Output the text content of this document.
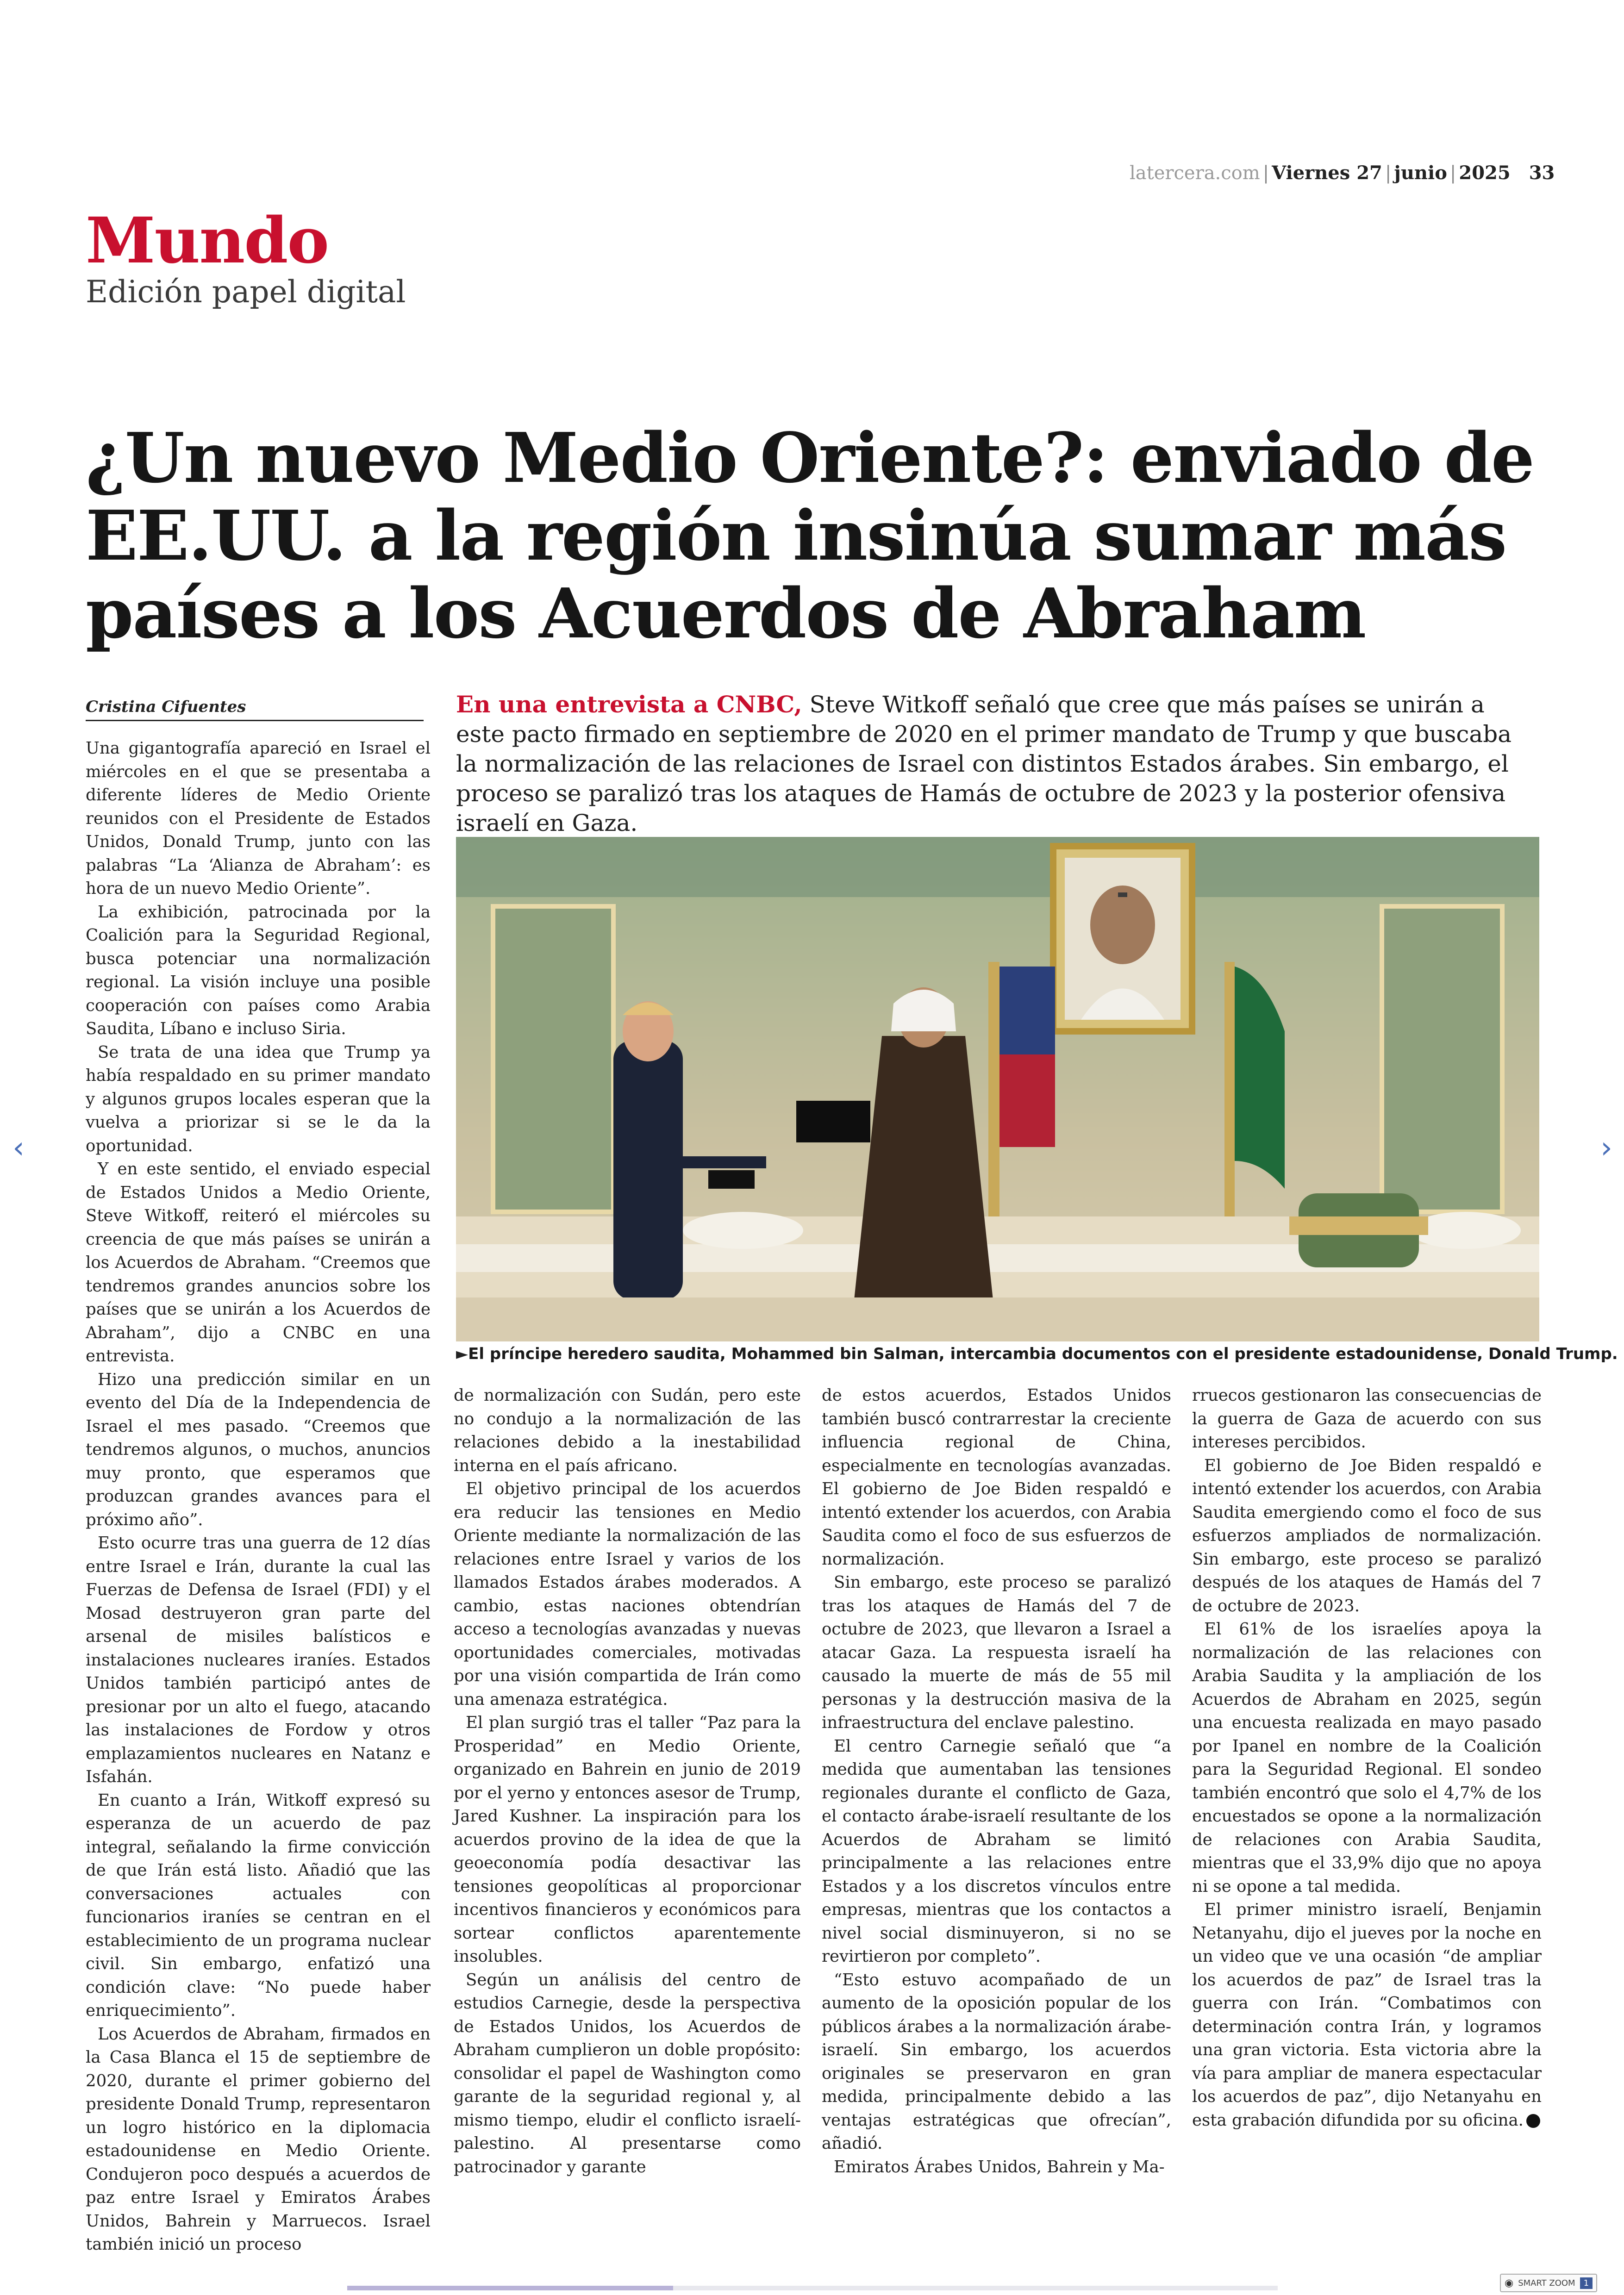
latercera.com | Viernes 27 | junio | 2025 33
Mundo
Edición papel digital
¿Un nuevo Medio Oriente?: enviado de EE.UU. a la región insinúa sumar más países a los Acuerdos de Abraham
Cristina Cifuentes	En una entrevista a CNBC, Steve Witkoff señaló que cree que más países se unirán a este pacto firmado en septiembre de 2020 en el primer mandato de Trump y que buscaba la normalización de las relaciones de Israel con distintos Estados árabes. Sin embargo, el proceso se paralizó tras los ataques de Hamás de octubre de 2023 y la posterior ofensiva israelí en Gaza.
►El príncipe heredero saudita, Mohammed bin Salman, intercambia documentos con el presidente estadounidense, Donald Trump.

Una gigantografía apareció en Israel el miércoles en el que se presentaba a diferente líderes de Medio Oriente reunidos con el Presidente de Estados Unidos, Donald Trump, junto con las palabras “La ‘Alianza de Abraham’: es hora de un nuevo Medio Oriente”.

La exhibición, patrocinada por la Coalición para la Seguridad Regional, busca potenciar una normalización regional. La visión incluye una posible cooperación con países como Arabia Saudita, Líbano e incluso Siria.

Se trata de una idea que Trump ya había respaldado en su primer mandato y algunos grupos locales esperan que la vuelva a priorizar si se le da la oportunidad.

Y en este sentido, el enviado especial de Estados Unidos a Medio Oriente, Steve Witkoff, reiteró el miércoles su creencia de que más países se unirán a los Acuerdos de Abraham. “Creemos que tendremos grandes anuncios sobre los países que se unirán a los Acuerdos de Abraham”, dijo a CNBC en una entrevista.

Hizo una predicción similar en un evento del Día de la Independencia de Israel el mes pasado. “Creemos que tendremos algunos, o muchos, anuncios muy pronto, que esperamos que produzcan grandes avances para el próximo año”.

Esto ocurre tras una guerra de 12 días entre Israel e Irán, durante la cual las Fuerzas de Defensa de Israel (FDI) y el Mosad destruyeron gran parte del arsenal de misiles balísticos e instalaciones nucleares iraníes. Estados Unidos también participó antes de presionar por un alto el fuego, atacando las instalaciones de Fordow y otros emplazamientos nucleares en Natanz e Isfahán.

En cuanto a Irán, Witkoff expresó su esperanza de un acuerdo de paz integral, señalando la firme convicción de que Irán está listo. Añadió que las conversaciones actuales con funcionarios iraníes se centran en el establecimiento de un programa nuclear civil. Sin embargo, enfatizó una condición clave: “No puede haber enriquecimiento”.

Los Acuerdos de Abraham, firmados en la Casa Blanca el 15 de septiembre de 2020, durante el primer gobierno del presidente Donald Trump, representaron un logro histórico en la diplomacia estadounidense en Medio Oriente. Condujeron poco después a acuerdos de paz entre Israel y Emiratos Árabes Unidos, Bahrein y Marruecos. Israel también inició un proceso

de normalización con Sudán, pero este no condujo a la normalización de las relaciones debido a la inestabilidad interna en el país africano.

El objetivo principal de los acuerdos era reducir las tensiones en Medio Oriente mediante la normalización de las relaciones entre Israel y varios de los llamados Estados árabes moderados. A cambio, estas naciones obtendrían acceso a tecnologías avanzadas y nuevas oportunidades comerciales, motivadas por una visión compartida de Irán como una amenaza estratégica.

El plan surgió tras el taller “Paz para la Prosperidad” en Medio Oriente, organizado en Bahrein en junio de 2019 por el yerno y entonces asesor de Trump, Jared Kushner. La inspiración para los acuerdos provino de la idea de que la geoeconomía podía desactivar las tensiones geopolíticas al proporcionar incentivos financieros y económicos para sortear conflictos aparentemente insolubles.

Según un análisis del centro de estudios Carnegie, desde la perspectiva de Estados Unidos, los Acuerdos de Abraham cumplieron un doble propósito: consolidar el papel de Washington como garante de la seguridad regional y, al mismo tiempo, eludir el conflicto israelí-palestino. Al presentarse como patrocinador y garante

de estos acuerdos, Estados Unidos también buscó contrarrestar la creciente influencia regional de China, especialmente en tecnologías avanzadas. El gobierno de Joe Biden respaldó e intentó extender los acuerdos, con Arabia Saudita como el foco de sus esfuerzos de normalización.

Sin embargo, este proceso se paralizó tras los ataques de Hamás del 7 de octubre de 2023, que llevaron a Israel a atacar Gaza. La respuesta israelí ha causado la muerte de más de 55 mil personas y la destrucción masiva de la infraestructura del enclave palestino.

El centro Carnegie señaló que “a medida que aumentaban las tensiones regionales durante el conflicto de Gaza, el contacto árabe-israelí resultante de los Acuerdos de Abraham se limitó principalmente a las relaciones entre Estados y a los discretos vínculos entre empresas, mientras que los contactos a nivel social disminuyeron, si no se revirtieron por completo”.

“Esto estuvo acompañado de un aumento de la oposición popular de los públicos árabes a la normalización árabe-israelí. Sin embargo, los acuerdos originales se preservaron en gran medida, principalmente debido a las ventajas estratégicas que ofrecían”, añadió.

Emiratos Árabes Unidos, Bahrein y Ma-

rruecos gestionaron las consecuencias de la guerra de Gaza de acuerdo con sus intereses percibidos.

El gobierno de Joe Biden respaldó e intentó extender los acuerdos, con Arabia Saudita emergiendo como el foco de sus esfuerzos ampliados de normalización. Sin embargo, este proceso se paralizó después de los ataques de Hamás del 7 de octubre de 2023.

El 61% de los israelíes apoya la normalización de las relaciones con Arabia Saudita y la ampliación de los Acuerdos de Abraham en 2025, según una encuesta realizada en mayo pasado por Ipanel en nombre de la Coalición para la Seguridad Regional. El sondeo también encontró que solo el 4,7% de los encuestados se opone a la normalización de relaciones con Arabia Saudita, mientras que el 33,9% dijo que no apoya ni se opone a tal medida.

El primer ministro israelí, Benjamin Netanyahu, dijo el jueves por la noche en un video que ve una ocasión “de ampliar los acuerdos de paz” de Israel tras la guerra con Irán. “Combatimos con determinación contra Irán, y logramos una gran victoria. Esta victoria abre la vía para ampliar de manera espectacular los acuerdos de paz”, dijo Netanyahu en esta grabación difundida por su oficina.

‹	›
◉ SMART ZOOM	1
